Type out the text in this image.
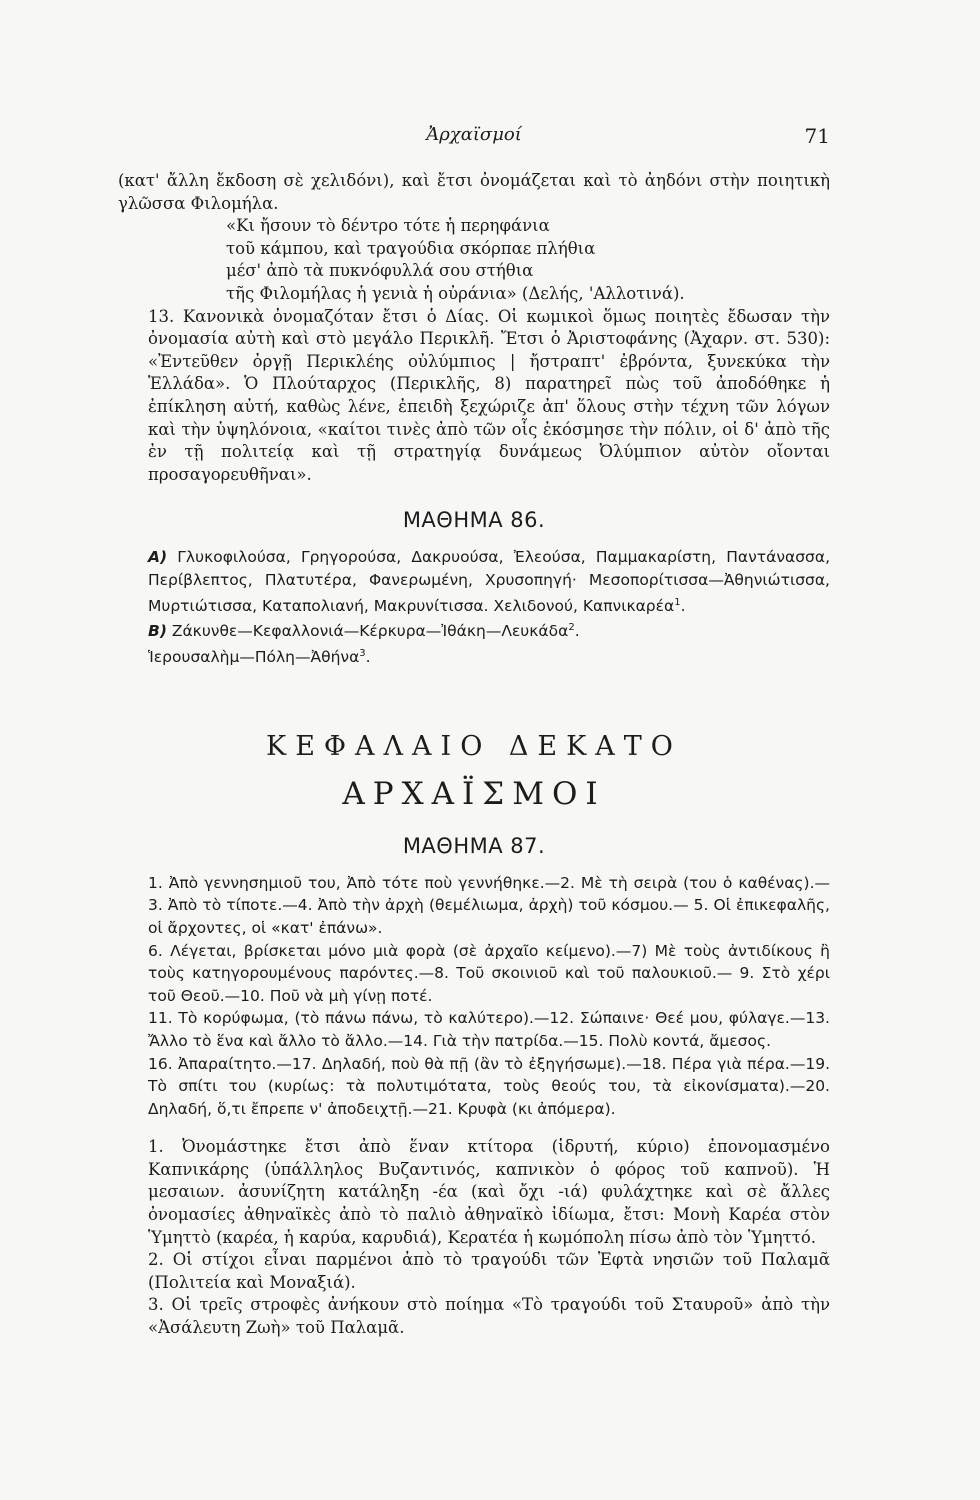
Ἀρχαϊσμοί	71

(κατ' ἄλλη ἔκδοση σὲ χελιδόνι), καὶ ἔτσι ὀνομάζεται καὶ τὸ ἀηδόνι στὴν ποιητικὴ γλῶσσα Φιλομήλα.

«Κι ἤσουν τὸ δέντρο τότε ἡ περηφάνια
τοῦ κάμπου, καὶ τραγούδια σκόρπαε πλήθια
μέσ' ἀπὸ τὰ πυκνόφυλλά σου στήθια
τῆς Φιλομήλας ἡ γενιὰ ἡ οὐράνια» (Δελής, 'Αλλοτινά).

13. Κανονικὰ ὀνομαζόταν ἔτσι ὁ Δίας. Οἱ κωμικοὶ ὅμως ποιητὲς ἔδωσαν τὴν ὀνομασία αὐτὴ καὶ στὸ μεγάλο Περικλῆ. Ἔτσι ὁ Ἀριστοφάνης (Ἀχαρν. στ. 530): «Ἐντεῦθεν ὀργῇ Περικλέης οὐλύμπιος | ἤστραπτ' ἐβρόντα, ξυνεκύκα τὴν Ἑλλάδα». Ὁ Πλούταρχος (Περικλῆς, 8) παρατηρεῖ πὼς τοῦ ἀποδόθηκε ἡ ἐπίκληση αὐτή, καθὼς λένε, ἐπειδὴ ξεχώριζε ἀπ' ὅλους στὴν τέχνη τῶν λόγων καὶ τὴν ὑψηλόνοια, «καίτοι τινὲς ἀπὸ τῶν οἷς ἐκόσμησε τὴν πόλιν, οἱ δ' ἀπὸ τῆς ἐν τῇ πολιτείᾳ καὶ τῇ στρατηγίᾳ δυνάμεως Ὀλύμπιον αὐτὸν οἴονται προσαγορευθῆναι».

ΜΑΘΗΜΑ 86.

Α) Γλυκοφιλούσα, Γρηγορούσα, Δακρυούσα, Ἐλεούσα, Παμμακαρίστη, Παντάνασσα, Περίβλεπτος, Πλατυτέρα, Φανερωμένη, Χρυσοπηγή· Μεσοπορίτισσα—Ἀθηνιώτισσα, Μυρτιώτισσα, Καταπολιανή, Μακρυνίτισσα. Χελιδονού, Καπνικαρέα$^1$.

Β) Ζάκυνθε—Κεφαλλονιά—Κέρκυρα—Ἰθάκη—Λευκάδα$^2$.

Ἱερουσαλὴμ—Πόλη—Ἀθήνα$^3$.

ΚΕΦΑΛΑΙΟ ΔΕΚΑΤΟ
ΑΡΧΑΪΣΜΟΙ
ΜΑΘΗΜΑ 87.

1. Ἀπὸ γεννησημιοῦ του, Ἀπὸ τότε ποὺ γεννήθηκε.—2. Μὲ τὴ σειρὰ (του ὁ καθένας).—3. Ἀπὸ τὸ τίποτε.—4. Ἀπὸ τὴν ἀρχὴ (θεμέλιωμα, ἀρχὴ) τοῦ κόσμου.— 5. Οἱ ἐπικεφαλῆς, οἱ ἄρχοντες, οἱ «κατ' ἐπάνω».

6. Λέγεται, βρίσκεται μόνο μιὰ φορὰ (σὲ ἀρχαῖο κείμενο).—7) Μὲ τοὺς ἀντιδίκους ἢ τοὺς κατηγορουμένους παρόντες.—8. Τοῦ σκοινιοῦ καὶ τοῦ παλουκιοῦ.— 9. Στὸ χέρι τοῦ Θεοῦ.—10. Ποῦ νὰ μὴ γίνῃ ποτέ.

11. Τὸ κορύφωμα, (τὸ πάνω πάνω, τὸ καλύτερο).—12. Σώπαινε· Θεέ μου, φύλαγε.—13. Ἄλλο τὸ ἕνα καὶ ἄλλο τὸ ἄλλο.—14. Γιὰ τὴν πατρίδα.—15. Πολὺ κοντά, ἄμεσος.

16. Ἀπαραίτητο.—17. Δηλαδή, ποὺ θὰ πῇ (ἂν τὸ ἐξηγήσωμε).—18. Πέρα γιὰ πέρα.—19. Τὸ σπίτι του (κυρίως: τὰ πολυτιμότατα, τοὺς θεούς του, τὰ εἰκονίσματα).—20. Δηλαδή, ὅ,τι ἔπρεπε ν' ἀποδειχτῇ.—21. Κρυφὰ (κι ἀπόμερα).

1. Ὀνομάστηκε ἔτσι ἀπὸ ἕναν κτίτορα (ἱδρυτή, κύριο) ἐπονομασμένο Καπνικάρης (ὑπάλληλος Βυζαντινός, καπνικὸν ὁ φόρος τοῦ καπνοῦ). Ἡ μεσαιων. ἀσυνίζητη κατάληξη -έα (καὶ ὄχι -ιά) φυλάχτηκε καὶ σὲ ἄλλες ὀνομασίες ἀθηναϊκὲς ἀπὸ τὸ παλιὸ ἀθηναϊκὸ ἰδίωμα, ἔτσι: Μονὴ Καρέα στὸν Ὑμηττὸ (καρέα, ἡ καρύα, καρυδιά), Κερατέα ἡ κωμόπολη πίσω ἀπὸ τὸν Ὑμηττό.

2. Οἱ στίχοι εἶναι παρμένοι ἀπὸ τὸ τραγούδι τῶν Ἑφτὰ νησιῶν τοῦ Παλαμᾶ (Πολιτεία καὶ Μοναξιά).

3. Οἱ τρεῖς στροφὲς ἀνήκουν στὸ ποίημα «Τὸ τραγούδι τοῦ Σταυροῦ» ἀπὸ τὴν «Ἀσάλευτη Ζωὴ» τοῦ Παλαμᾶ.
